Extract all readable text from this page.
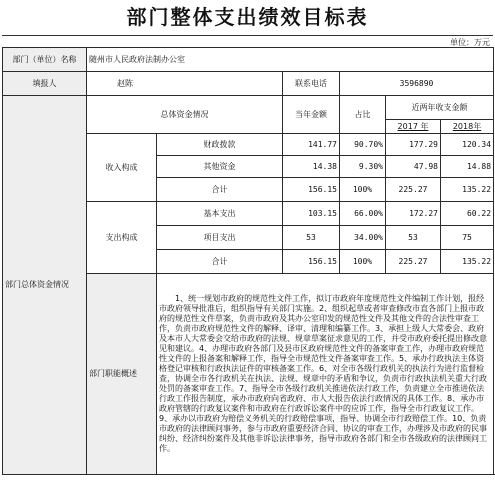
部门整体支出绩效目标表
单位：万元
部门（单位）名称	随州市人民政府法制办公室					
填报人	赵陈		联系电话	3596890		
部门总体资金情况	总体资金情况		当年金额	占比	近两年收支金额	
					2017 年	2018年
	收入构成	财政拨款	141.77	90.70%	177.29	120.34
		其他资金	14.38	9.30%	47.98	14.88
		合计	156.15	100%	225.27	135.22
	支出构成	基本支出	103.15	66.00%	172.27	60.22
		项目支出	53	34.00%	53	75
		合计	156.15	100%	225.27	135.22
	部门职能概述	1、统一规划市政府的规范性文件工作，拟订市政府年度规范性文件编制工作计划，报经市政府领导批准后，组织指导有关部门实施。2、组织起草或者审查修改市直各部门上报市政府的规范性文件草案，负责市政府及其办公室印发的规范性文件及其他文件的合法性审查工作，负责市政府规范性文件的解释、译审、清理和编纂工作。3、承担上级人大常委会、政府及本市人大常委会交给市政府的法规、规章草案征求意见的工作，并受市政府委托提出修改意见和建议。4、办理市政府各部门及县市区政府规范性文件的备案审查工作，办理市政府规范性文件的上报备案和解释工作，指导全市规范性文件备案审查工作。5、承办行政执法主体资格登记审核和行政执法证件的审核备案工作。6、对全市各级行政机关的执法行为进行监督检查，协调全市各行政机关在执法、法规、规章中的矛盾和争议，负责市行政执法机关重大行政处罚的备案审查工作。7、指导全市各级行政机关推进依法行政工作，负责建立全市推进依法行政工作报告制度，承办市政府向省政府、市人大报告依法行政情况的具体工作。8、承办市政府管辖的行政复议案件和市政府在行政诉讼案件中的应诉工作，指导全市行政复议工作。9、承办以市政府为赔偿义务机关的行政赔偿事项，指导、协调全市行政赔偿工作。10、负责市政府的法律顾问事务，参与市政府重要经济合同、协议的审查工作，办理涉及市政府的民事纠纷、经济纠纷案件及其他非诉讼法律事务，指导市政府各部门和全市各级政府的法律顾问工作。				
